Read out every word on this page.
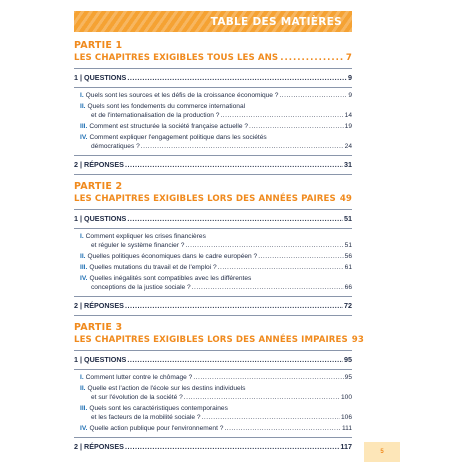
TABLE DES MATIÈRES
PARTIE 1
LES CHAPITRES EXIGIBLES TOUS LES ANS .....	7
1 | QUESTIONS .....	9
I. Quels sont les sources et les défis de la croissance économique ? .....	9
II. Quels sont les fondements du commerce international
et de l'internationalisation de la production ? .....	14
III. Comment est structurée la société française actuelle ? .....	19
IV. Comment expliquer l'engagement politique dans les sociétés
démocratiques ? .....	24
2 | RÉPONSES .....	31
PARTIE 2
LES CHAPITRES EXIGIBLES LORS DES ANNÉES PAIRES ..... 49
1 | QUESTIONS .....	51
I. Comment expliquer les crises financières
et réguler le système financier ? .....	51
II. Quelles politiques économiques dans le cadre européen ? .....	56
III. Quelles mutations du travail et de l'emploi ? .....	61
IV. Quelles inégalités sont compatibles avec les différentes
conceptions de la justice sociale ? .....	66
2 | RÉPONSES .....	72
PARTIE 3
LES CHAPITRES EXIGIBLES LORS DES ANNÉES IMPAIRES 93
1 | QUESTIONS .....	95
I. Comment lutter contre le chômage ? .....	95
II. Quelle est l'action de l'école sur les destins individuels
et sur l'évolution de la société ? .....	100
III. Quels sont les caractéristiques contemporaines
et les facteurs de la mobilité sociale ? .....	106
IV. Quelle action publique pour l'environnement ? .....	111
2 | RÉPONSES .....	117
5
